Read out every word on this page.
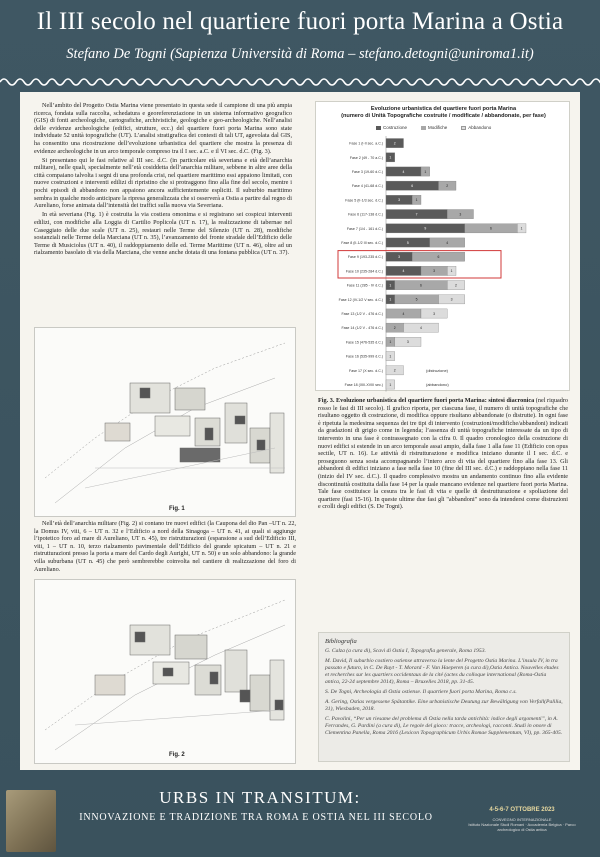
Il III secolo nel quartiere fuori porta Marina a Ostia
Stefano De Togni (Sapienza Università di Roma – stefano.detogni@uniroma1.it)

Nell’ambito del Progetto Ostia Marina viene presentato in questa sede il campione di una più ampia ricerca, fondata sulla raccolta, schedatura e georeferenziazione in un sistema informativo geografico (GIS) di fonti archeologiche, cartografiche, archivistiche, geologiche e geo-archeologiche. Nell’analisi delle evidenze archeologiche (edifici, strutture, ecc.) del quartiere fuori porta Marina sono state individuate 52 unità topografiche (UT). L’analisi stratigrafica dei contesti di tali UT, agevolata dal GIS, ha consentito una ricostruzione dell’evoluzione urbanistica del quartiere che mostra la presenza di evidenze archeologiche in un arco temporale compreso tra il I sec. a.C. e il VI sec. d.C. (Fig. 3).

Si presentano qui le fasi relative al III sec. d.C. (in particolare età severiana e età dell’anarchia militare), nelle quali, specialmente nell’età cosiddetta dell’anarchia militare, sebbene in altre aree della città compaiano talvolta i segni di una profonda crisi, nel quartiere marittimo essi appaiono limitati, con nuove costruzioni e interventi edilizi di ripristino che si protraggono fino alla fine del secolo, mentre i pochi episodi di abbandono non appaiono ancora sufficientemente espliciti. Il suburbio marittimo sembra in qualche modo anticipare la ripresa generalizzata che si osserverà a Ostia a partire dal regno di Aureliano, forse animata dall’intensità dei traffici sulla nuova via Severiana.

In età severiana (Fig. 1) è costruita la via costiera omonima e si registrano sei cospicui interventi edilizi, con modifiche alla Loggia di Cartilio Poplicola (UT n. 17), la realizzazione di tabernae nel Caseggiato delle due scale (UT n. 25), restauri nelle Terme del Silenzio (UT n. 28), modifiche sostanziali nelle Terme della Marciana (UT n. 35), l’avanzamento del fronte stradale dell’Edificio delle Terme di Musiciolus (UT n. 40), il raddoppiamento delle ed. Terme Marittime (UT n. 46), oltre ad un rialzamento basolato di via della Marciana, che venne anche dotata di una fontana pubblica (UT n. 37).

Fig. 1

Nell’età dell’anarchia militare (Fig. 2) si contano tre nuovi edifici (la Caupona del dio Pan –UT n. 22, la Domus IV, viii, 6 – UT n. 32 e l’Edificio a nord della Sinagoga – UT n. 41, ai quali si aggiunge l’ipotetico foro ad mare di Aureliano, UT n. 45), tre ristrutturazioni (espansione a sud dell’Edificio III, viii, 1 – UT n. 10, terzo rialzamento pavimentale dell’Edificio del grande spicatum – UT n. 21 e ristrutturazioni presso la porta a mare del Cardo degli Aurighi, UT n. 50) e un solo abbandono: la grande villa suburbana (UT n. 45) che però sembrerebbe coinvolta nel cantiere di realizzazione del foro di Aureliano.

Fig. 2
Evoluzione urbanistica del quartiere fuori porta Marina
(numero di Unità Topografiche costruite / modificate / abbandonate, per fase)
Costruzione	Modifiche	Abbandono
Fase 1 (I-II sec. a.C.)	2
Fase 2 (49 - 70 a.C.) 1
Fase 3 (19-60 d.C.)	4	1
Fase 4 (41-68 d.C.)	6	2
Fase 5 (II-1/3 sec. d.C.)	3	1
Fase 6 (117-138 d.C.)	7	3
Fase 7 (1/4 - 161 d.C.)	9	6	1
Fase 8 (II-1/2 III sec. d.C.)	5	4
Fase 9 (193-235 d.C.)	3	6
Fase 10 (235-284 d.C.)	4	3	1
Fase 11 (285 - IV d.C.) 1	6	2
Fase 12 (IV-1/2 V sec. d.C.) 1	5	3
Fase 13 (1/2 V - 476 d.C.)	4	3
Fase 14 (1/2 V - 476 d.C.)	2	4
Fase 15 (476-535 d.C.) 1	3
Fase 16 (535-999 d.C.) 1
Fase 17 (X sec. d.C.)	2
Fase 18 (XIII-XVIII sec.) 1
(distruzione)
(abbandono)
Fig. 3. Evoluzione urbanistica del quartiere fuori porta Marina: sintesi diacronica (nel riquadro rosso le fasi di III secolo). Il grafico riporta, per ciascuna fase, il numero di unità topografiche che risultano oggetto di costruzione, di modifica oppure risultano abbandonate (o distrutte). In ogni fase è ripetuta la medesima sequenza dei tre tipi di intervento (costruzioni/modifiche/abbandoni) indicati da gradazioni di grigio come in legenda; l’assenza di unità topografiche interessate da un tipo di intervento in una fase è contrassegnato con la cifra 0. Il quadro cronologico della costruzione di nuovi edifici si estende in un arco temporale assai ampio, dalla fase 1 alla fase 11 (Edificio con opus sectile, UT n. 16). Le attività di ristrutturazione e modifica iniziano durante il I sec. d.C. e proseguono senza sosta accompagnando l’intero arco di vita del quartiere fino alla fase 13. Gli abbandoni di edifici iniziano a fase nella fase 10 (fine del III sec. d.C.) e raddoppiano nella fase 11 (inizio del IV sec. d.C.). Il quadro complessivo mostra un andamento continuo fino alla evidente discontinuità costituita dalla fase 14 per la quale mancano evidenze nel quartiere fuori porta Marina. Tale fase costituisce la cesura tra le fasi di vita e quelle di destrutturazione e spoliazione del quartiere (fasi 15-16). In queste ultime due fasi gli "abbandoni" sono da intendersi come distruzioni e crolli degli edifici (S. De Togni).
Bibliografia
G. Calza (a cura di), Scavi di Ostia I, Topografia generale, Roma 1953.
M. David, Il suburbio costiero ostiense attraverso la lente del Progetto Ostia Marina. L’insula IV, in tra passato e futuro, in C. De Ruyt - T. Morard - F. Van Haeperen (a cura di),Ostia Antica. Nouvelles études et recherches sur les quartiers occidentaux de la cité (actes du colloque international (Roma-Ostia antica, 22-24 septembre 2014), Roma – Bruxelles 2018, pp. 31-45.
S. De Togni, Archeologia di Ostia ostiense. Il quartiere fuori porta Marina, Roma c.s.
A. Gering, Ostias vergessene Spätantike. Eine urbanistische Deutung zur Bewältigung von Verfall(Palilia, 31), Wiesbaden, 2018.
C. Pavolini, “Per un riesame del problema di Ostia nella tarda antichità: indice degli argomenti”, in A. Ferrandes, G. Pardini (a cura di), Le regole del gioco: tracce, archeologi, racconti. Studi in onore di Clementina Panella, Roma 2016 (Lexicon Topographicum Urbis Romae Supplementum, VI), pp. 365-405.
URBS IN TRANSITUM:
INNOVAZIONE E TRADIZIONE TRA ROMA E OSTIA NEL III SECOLO
4-5-6-7 OTTOBRE 2023
CONVEGNO INTERNAZIONALE
Istituto Nazionale Studi Romani · Accademia Belgica · Parco archeologico di Ostia antica
